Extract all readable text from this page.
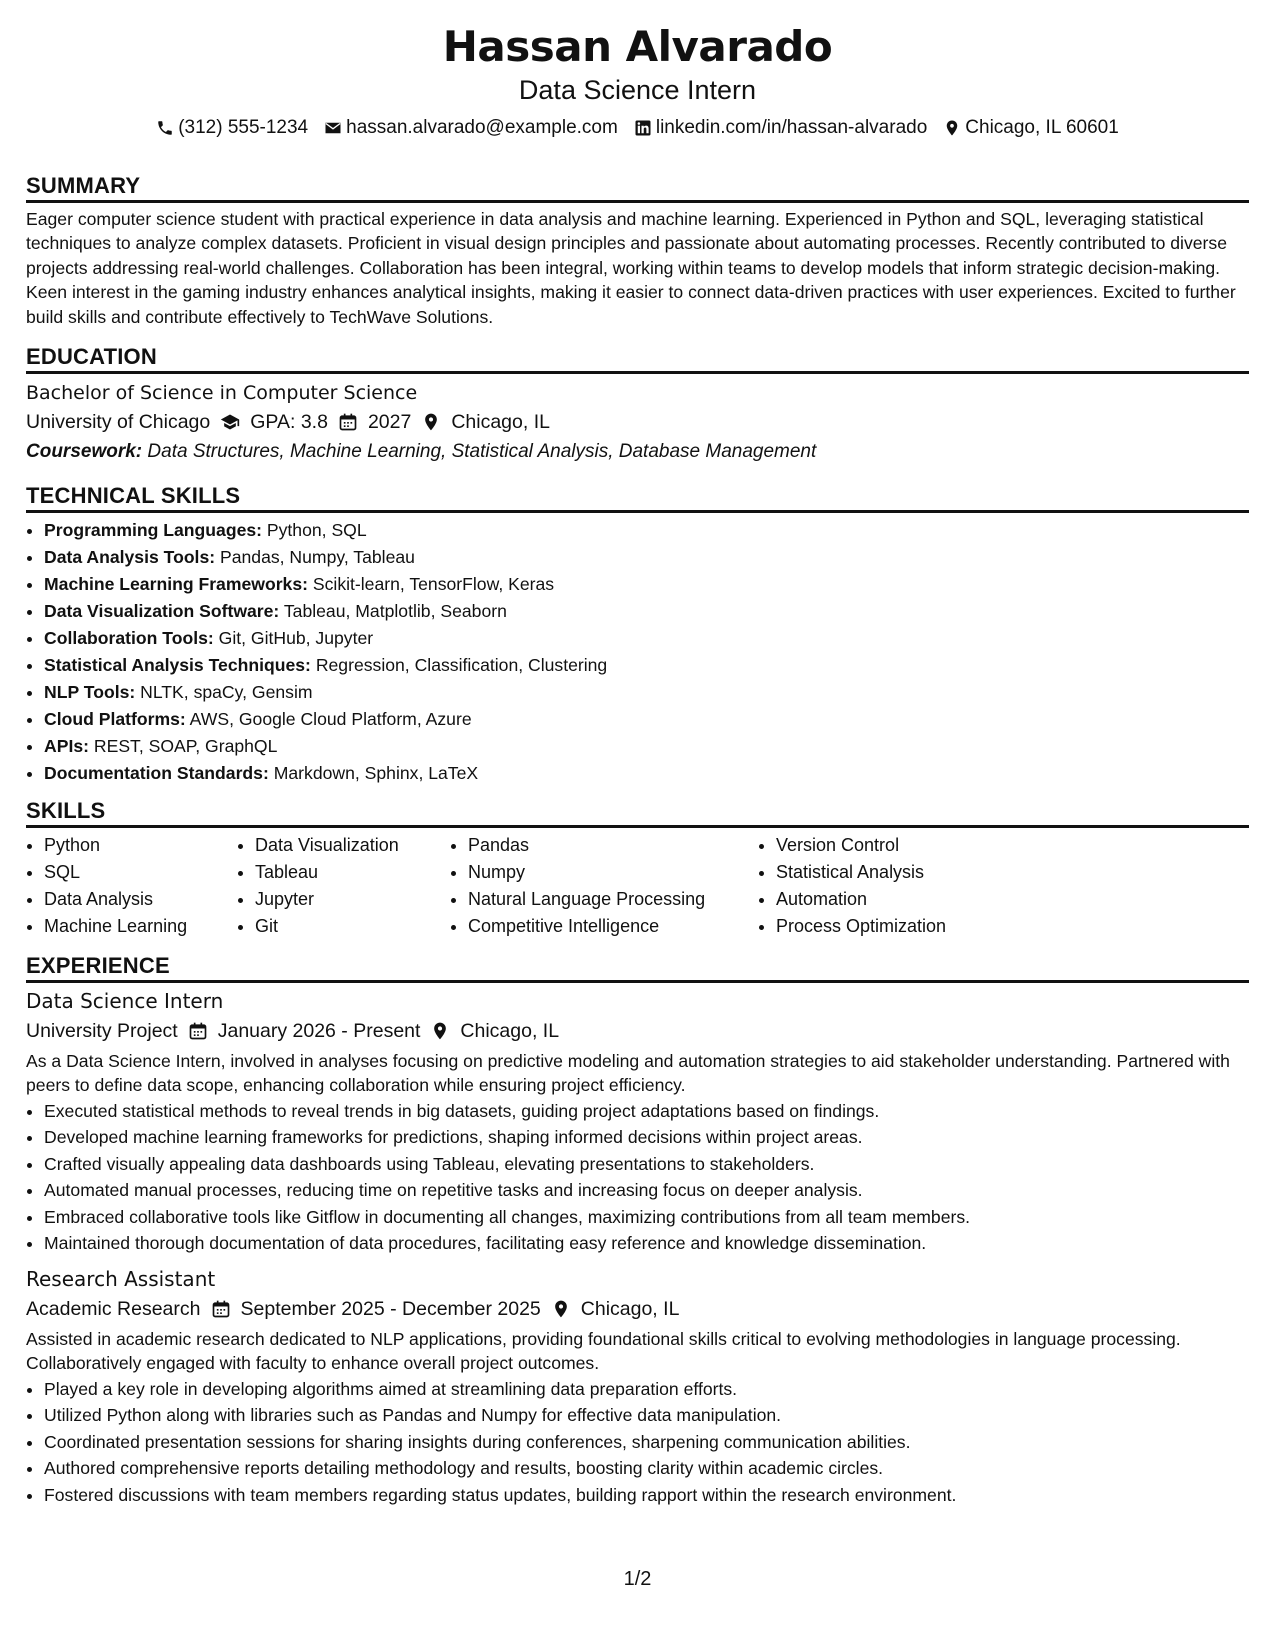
Hassan Alvarado
Data Science Intern
(312) 555-1234 hassan.alvarado@example.com linkedin.com/in/hassan-alvarado Chicago, IL 60601
SUMMARY
Eager computer science student with practical experience in data analysis and machine learning. Experienced in Python and SQL, leveraging statistical techniques to analyze complex datasets. Proficient in visual design principles and passionate about automating processes. Recently contributed to diverse projects addressing real-world challenges. Collaboration has been integral, working within teams to develop models that inform strategic decision-making. Keen interest in the gaming industry enhances analytical insights, making it easier to connect data-driven practices with user experiences. Excited to further build skills and contribute effectively to TechWave Solutions.
EDUCATION
Bachelor of Science in Computer Science
University of Chicago GPA: 3.8 2027 Chicago, IL
Coursework: Data Structures, Machine Learning, Statistical Analysis, Database Management
TECHNICAL SKILLS
• Programming Languages: Python, SQL
• Data Analysis Tools: Pandas, Numpy, Tableau
• Machine Learning Frameworks: Scikit-learn, TensorFlow, Keras
• Data Visualization Software: Tableau, Matplotlib, Seaborn
• Collaboration Tools: Git, GitHub, Jupyter
• Statistical Analysis Techniques: Regression, Classification, Clustering
• NLP Tools: NLTK, spaCy, Gensim
• Cloud Platforms: AWS, Google Cloud Platform, Azure
• APIs: REST, SOAP, GraphQL
• Documentation Standards: Markdown, Sphinx, LaTeX
SKILLS
• Python
• SQL
• Data Analysis
• Machine Learning
• Data Visualization
• Tableau
• Jupyter
• Git
• Pandas
• Numpy
• Natural Language Processing
• Competitive Intelligence
• Version Control
• Statistical Analysis
• Automation
• Process Optimization
EXPERIENCE
Data Science Intern
University Project January 2026 - Present Chicago, IL
As a Data Science Intern, involved in analyses focusing on predictive modeling and automation strategies to aid stakeholder understanding. Partnered with peers to define data scope, enhancing collaboration while ensuring project efficiency.
• Executed statistical methods to reveal trends in big datasets, guiding project adaptations based on findings.
• Developed machine learning frameworks for predictions, shaping informed decisions within project areas.
• Crafted visually appealing data dashboards using Tableau, elevating presentations to stakeholders.
• Automated manual processes, reducing time on repetitive tasks and increasing focus on deeper analysis.
• Embraced collaborative tools like Gitflow in documenting all changes, maximizing contributions from all team members.
• Maintained thorough documentation of data procedures, facilitating easy reference and knowledge dissemination.
Research Assistant
Academic Research September 2025 - December 2025 Chicago, IL
Assisted in academic research dedicated to NLP applications, providing foundational skills critical to evolving methodologies in language processing. Collaboratively engaged with faculty to enhance overall project outcomes.
• Played a key role in developing algorithms aimed at streamlining data preparation efforts.
• Utilized Python along with libraries such as Pandas and Numpy for effective data manipulation.
• Coordinated presentation sessions for sharing insights during conferences, sharpening communication abilities.
• Authored comprehensive reports detailing methodology and results, boosting clarity within academic circles.
• Fostered discussions with team members regarding status updates, building rapport within the research environment.
1/2
